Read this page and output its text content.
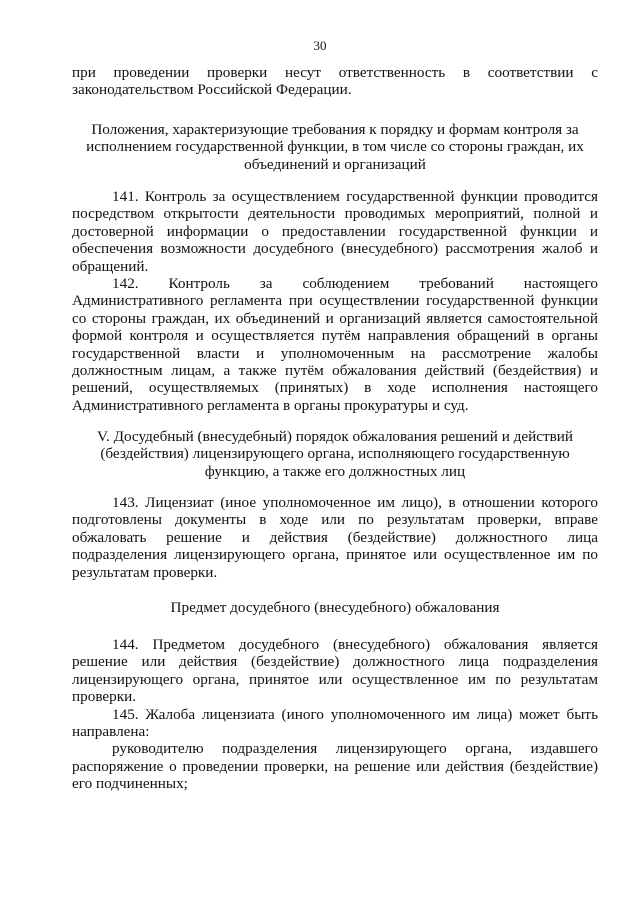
30

при проведении проверки несут ответственность в соответствии с законодательством Российской Федерации.

Положения, характеризующие требования к порядку и формам контроля за исполнением государственной функции, в том числе со стороны граждан, их объединений и организаций

141. Контроль за осуществлением государственной функции проводится посредством открытости деятельности проводимых мероприятий, полной и достоверной информации о предоставлении государственной функции и обеспечения возможности досудебного (внесудебного) рассмотрения жалоб и обращений.

142. Контроль за соблюдением требований настоящего Административного регламента при осуществлении государственной функции со стороны граждан, их объединений и организаций является самостоятельной формой контроля и осуществляется путём направления обращений в органы государственной власти и уполномоченным на рассмотрение жалобы должностным лицам, а также путём обжалования действий (бездействия) и решений, осуществляемых (принятых) в ходе исполнения настоящего Административного регламента в органы прокуратуры и суд.

V. Досудебный (внесудебный) порядок обжалования решений и действий (бездействия) лицензирующего органа, исполняющего государственную функцию, а также его должностных лиц

143. Лицензиат (иное уполномоченное им лицо), в отношении которого подготовлены документы в ходе или по результатам проверки, вправе обжаловать решение и действия (бездействие) должностного лица подразделения лицензирующего органа, принятое или осуществленное им по результатам проверки.

Предмет досудебного (внесудебного) обжалования

144. Предметом досудебного (внесудебного) обжалования является решение или действия (бездействие) должностного лица подразделения лицензирующего органа, принятое или осуществленное им по результатам проверки.

145. Жалоба лицензиата (иного уполномоченного им лица) может быть направлена:

руководителю подразделения лицензирующего органа, издавшего распоряжение о проведении проверки, на решение или действия (бездействие) его подчиненных;
